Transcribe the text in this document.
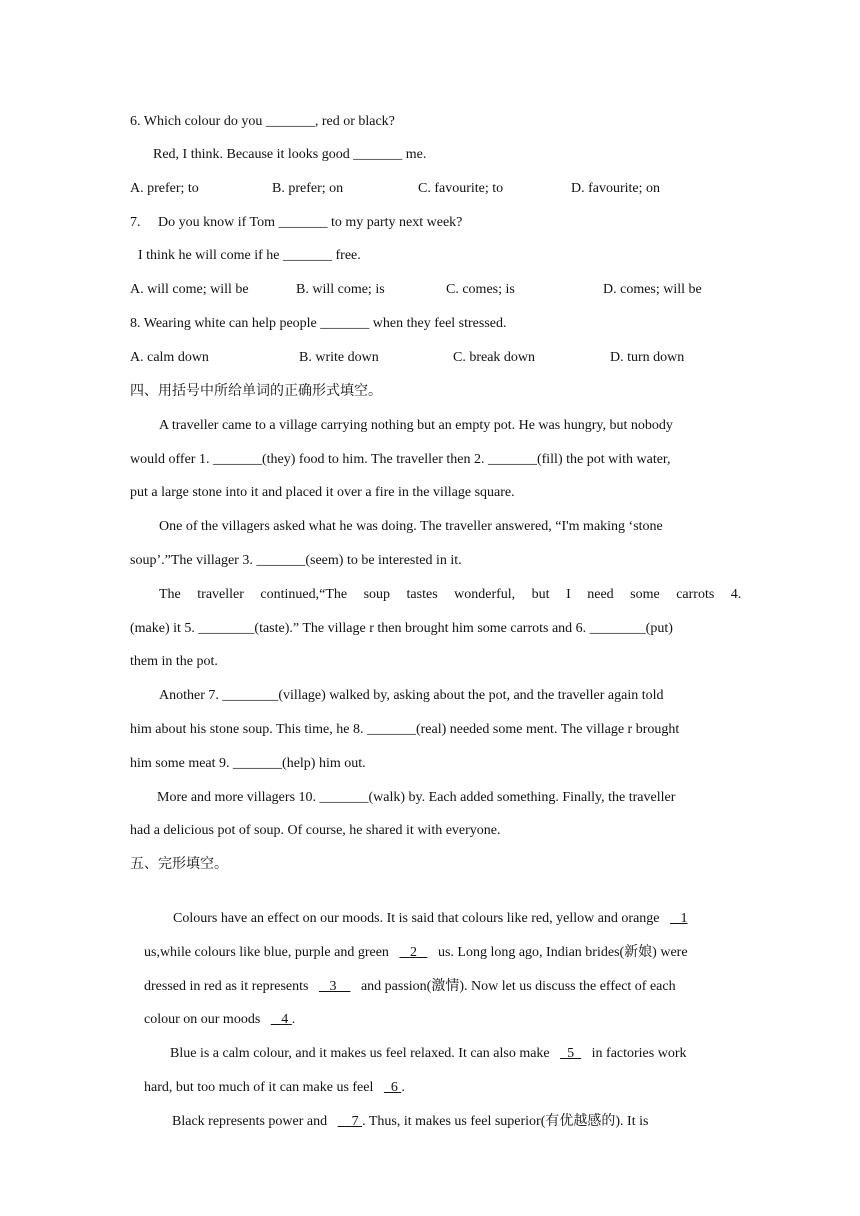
6. Which colour do you _______, red or black?
Red, I think. Because it looks good _______ me.
A. prefer; to	B. prefer; on	C. favourite; to	D. favourite; on
7.     Do you know if Tom _______ to my party next week?
I think he will come if he _______ free.
A. will come; will be	B. will come; is	C. comes; is	D. comes; will be
8. Wearing white can help people _______ when they feel stressed.
A. calm down	B. write down	C. break down	D. turn down
四、用括号中所给单词的正确形式填空。
A traveller came to a village carrying nothing but an empty pot. He was hungry, but nobody
would offer 1. _______(they) food to him. The traveller then 2. _______(fill) the pot with water,
put a large stone into it and placed it over a fire in the village square.
One of the villagers asked what he was doing. The traveller answered, “I'm making ‘stone
soup’.”The villager 3. _______(seem) to be interested in it.
The traveller continued,“The soup tastes wonderful, but I need some carrots 4.
(make) it 5. ________(taste).” The village r then brought him some carrots and 6. ________(put)
them in the pot.
Another 7. ________(village) walked by, asking about the pot, and the traveller again told
him about his stone soup. This time, he 8. _______(real) needed some ment. The village r brought
him some meat 9. _______(help) him out.
More and more villagers 10. _______(walk) by. Each added something. Finally, the traveller
had a delicious pot of soup. Of course, he shared it with everyone.
五、完形填空。

Colours have an effect on our moods. It is said that colours like red, yellow and orange 1

us,while colours like blue, purple and green 2 us. Long long ago, Indian brides(新娘) were

dressed in red as it represents 3 and passion(激情). Now let us discuss the effect of each

colour on our moods 4 .

Blue is a calm colour, and it makes us feel relaxed. It can also make 5 in factories work

hard, but too much of it can make us feel 6 .

Black represents power and 7 . Thus, it makes us feel superior(有优越感的). It is
